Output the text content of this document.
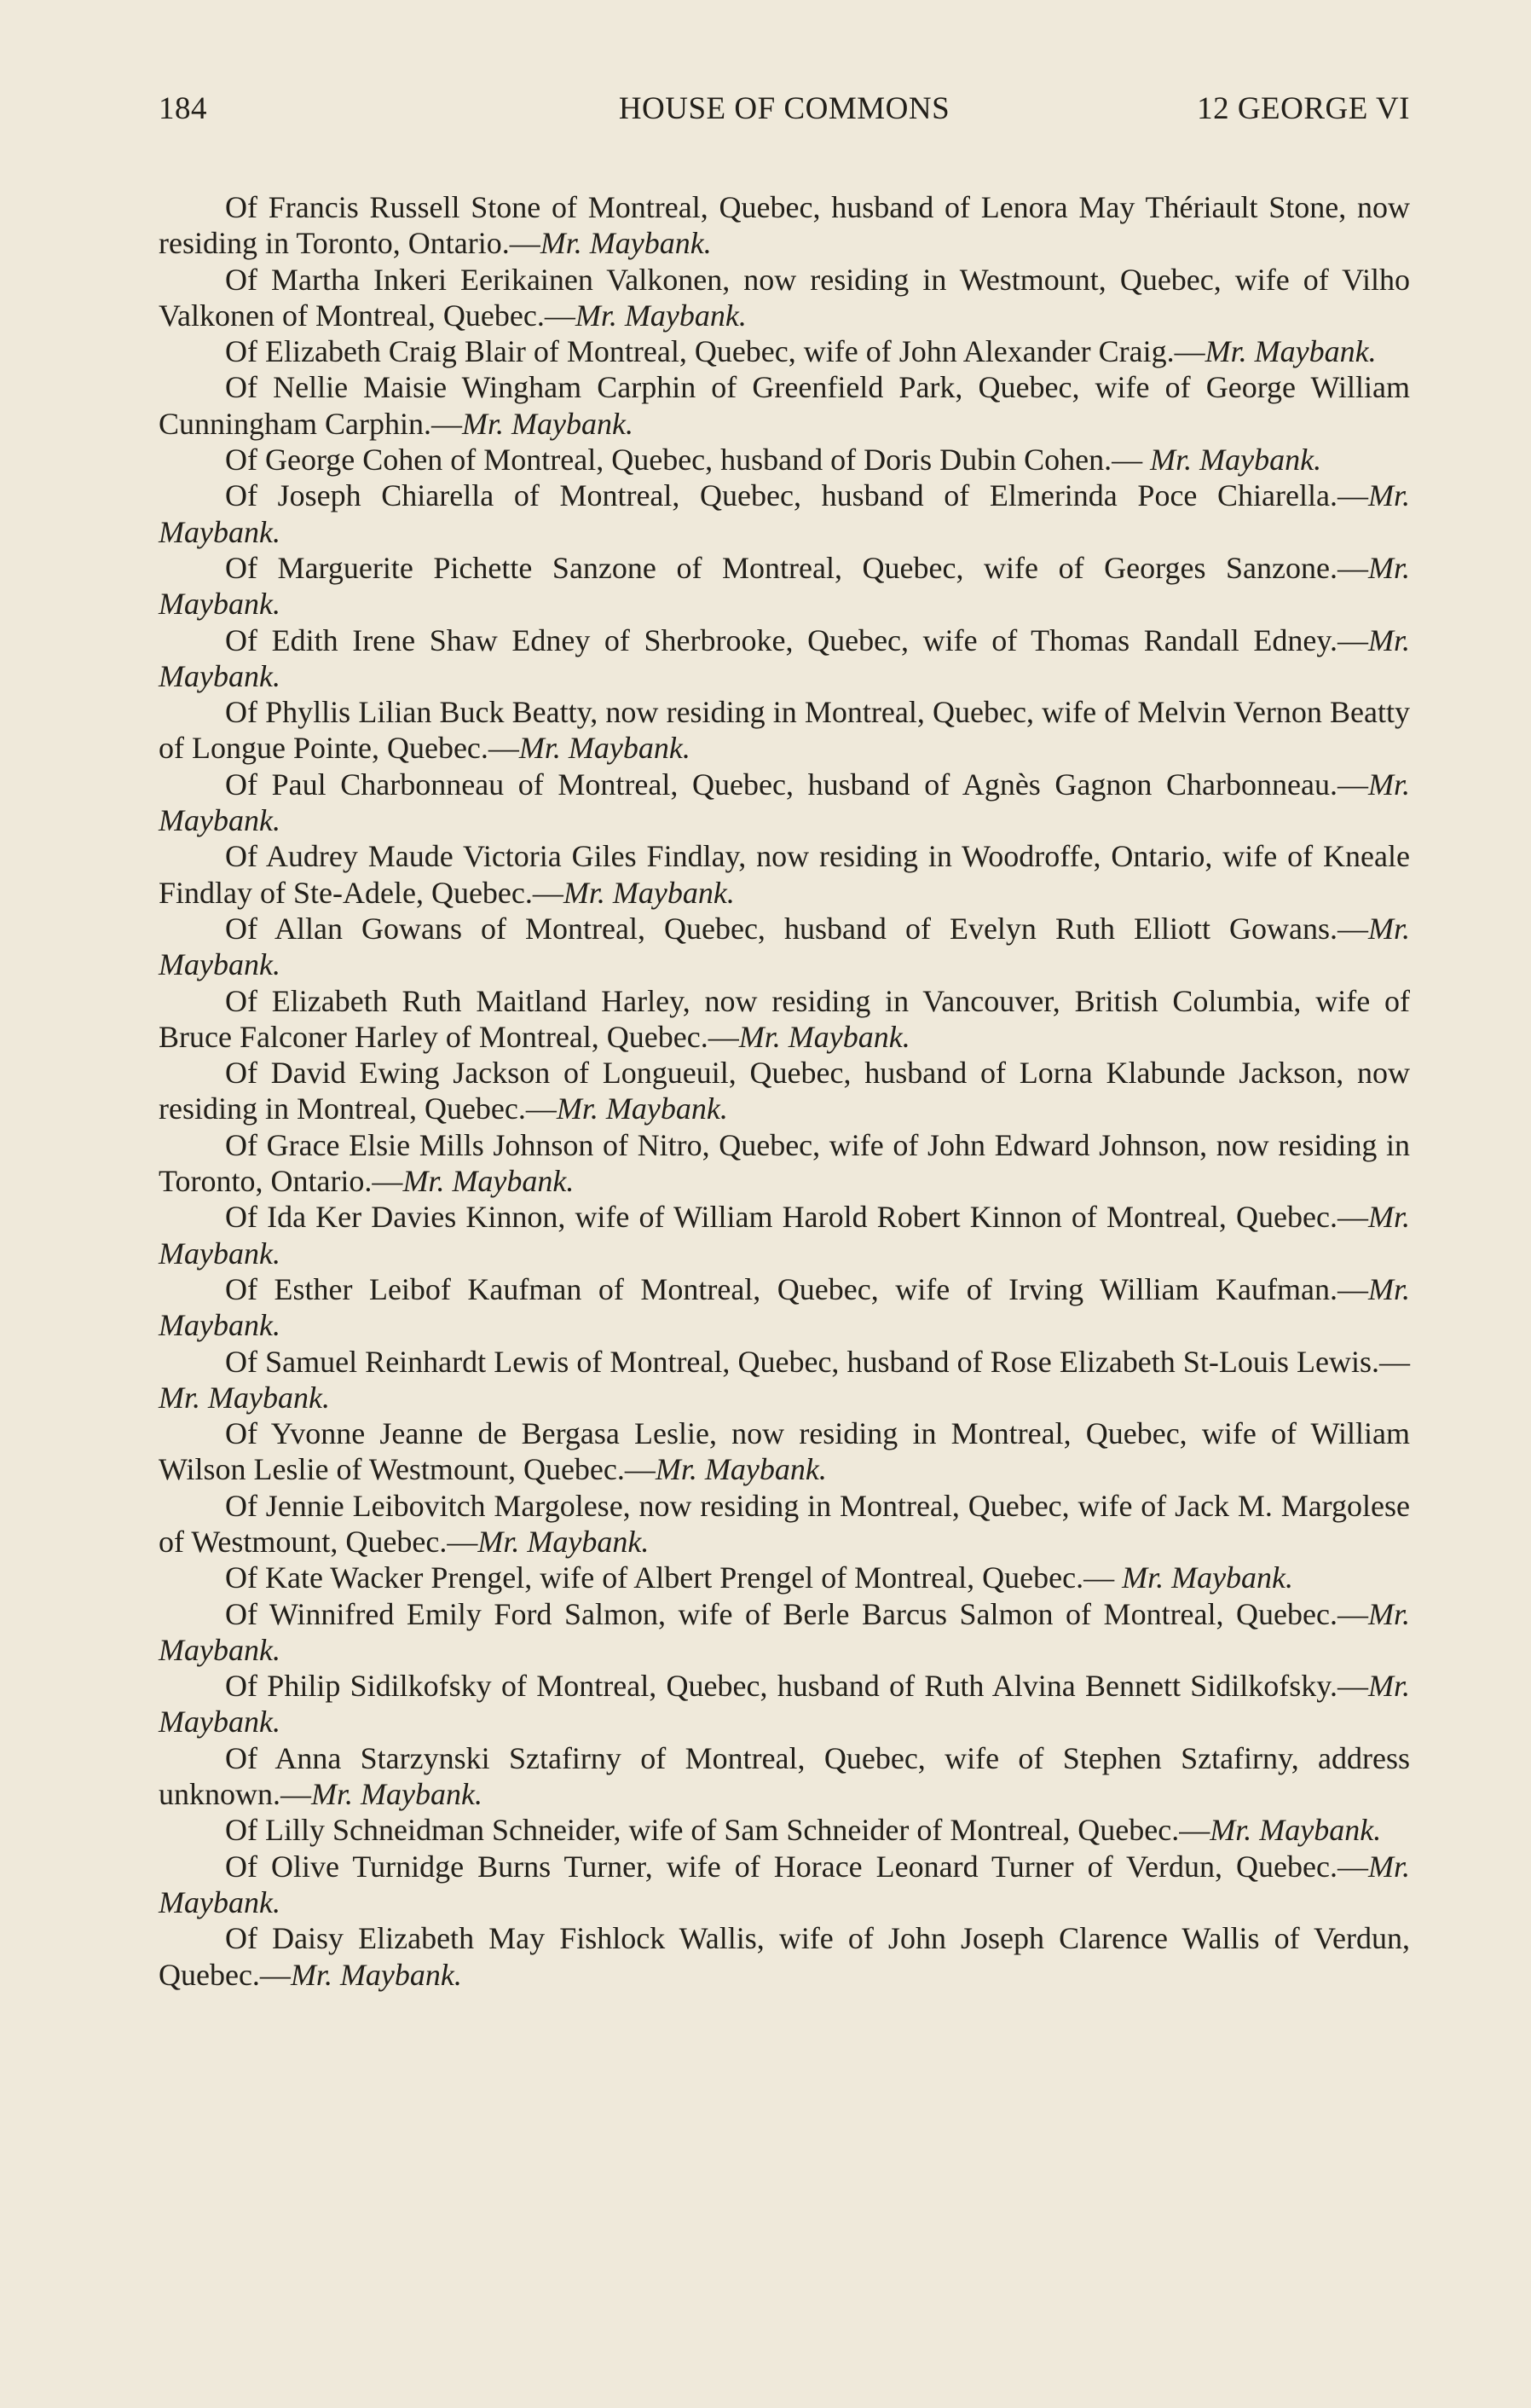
184	HOUSE OF COMMONS	12 GEORGE VI

Of Francis Russell Stone of Montreal, Quebec, husband of Lenora May Thériault Stone, now residing in Toronto, Ontario.—Mr. Maybank.

Of Martha Inkeri Eerikainen Valkonen, now residing in Westmount, Quebec, wife of Vilho Valkonen of Montreal, Quebec.—Mr. Maybank.

Of Elizabeth Craig Blair of Montreal, Quebec, wife of John Alexander Craig.—Mr. Maybank.

Of Nellie Maisie Wingham Carphin of Greenfield Park, Quebec, wife of George William Cunningham Carphin.—Mr. Maybank.

Of George Cohen of Montreal, Quebec, husband of Doris Dubin Cohen.— Mr. Maybank.

Of Joseph Chiarella of Montreal, Quebec, husband of Elmerinda Poce Chiarella.—Mr. Maybank.

Of Marguerite Pichette Sanzone of Montreal, Quebec, wife of Georges Sanzone.—Mr. Maybank.

Of Edith Irene Shaw Edney of Sherbrooke, Quebec, wife of Thomas Randall Edney.—Mr. Maybank.

Of Phyllis Lilian Buck Beatty, now residing in Montreal, Quebec, wife of Melvin Vernon Beatty of Longue Pointe, Quebec.—Mr. Maybank.

Of Paul Charbonneau of Montreal, Quebec, husband of Agnès Gagnon Charbonneau.—Mr. Maybank.

Of Audrey Maude Victoria Giles Findlay, now residing in Woodroffe, Ontario, wife of Kneale Findlay of Ste-Adele, Quebec.—Mr. Maybank.

Of Allan Gowans of Montreal, Quebec, husband of Evelyn Ruth Elliott Gowans.—Mr. Maybank.

Of Elizabeth Ruth Maitland Harley, now residing in Vancouver, British Columbia, wife of Bruce Falconer Harley of Montreal, Quebec.—Mr. Maybank.

Of David Ewing Jackson of Longueuil, Quebec, husband of Lorna Klabunde Jackson, now residing in Montreal, Quebec.—Mr. Maybank.

Of Grace Elsie Mills Johnson of Nitro, Quebec, wife of John Edward Johnson, now residing in Toronto, Ontario.—Mr. Maybank.

Of Ida Ker Davies Kinnon, wife of William Harold Robert Kinnon of Montreal, Quebec.—Mr. Maybank.

Of Esther Leibof Kaufman of Montreal, Quebec, wife of Irving William Kaufman.—Mr. Maybank.

Of Samuel Reinhardt Lewis of Montreal, Quebec, husband of Rose Elizabeth St-Louis Lewis.—Mr. Maybank.

Of Yvonne Jeanne de Bergasa Leslie, now residing in Montreal, Quebec, wife of William Wilson Leslie of Westmount, Quebec.—Mr. Maybank.

Of Jennie Leibovitch Margolese, now residing in Montreal, Quebec, wife of Jack M. Margolese of Westmount, Quebec.—Mr. Maybank.

Of Kate Wacker Prengel, wife of Albert Prengel of Montreal, Quebec.— Mr. Maybank.

Of Winnifred Emily Ford Salmon, wife of Berle Barcus Salmon of Montreal, Quebec.—Mr. Maybank.

Of Philip Sidilkofsky of Montreal, Quebec, husband of Ruth Alvina Bennett Sidilkofsky.—Mr. Maybank.

Of Anna Starzynski Sztafirny of Montreal, Quebec, wife of Stephen Sztafirny, address unknown.—Mr. Maybank.

Of Lilly Schneidman Schneider, wife of Sam Schneider of Montreal, Quebec.—Mr. Maybank.

Of Olive Turnidge Burns Turner, wife of Horace Leonard Turner of Verdun, Quebec.—Mr. Maybank.

Of Daisy Elizabeth May Fishlock Wallis, wife of John Joseph Clarence Wallis of Verdun, Quebec.—Mr. Maybank.
